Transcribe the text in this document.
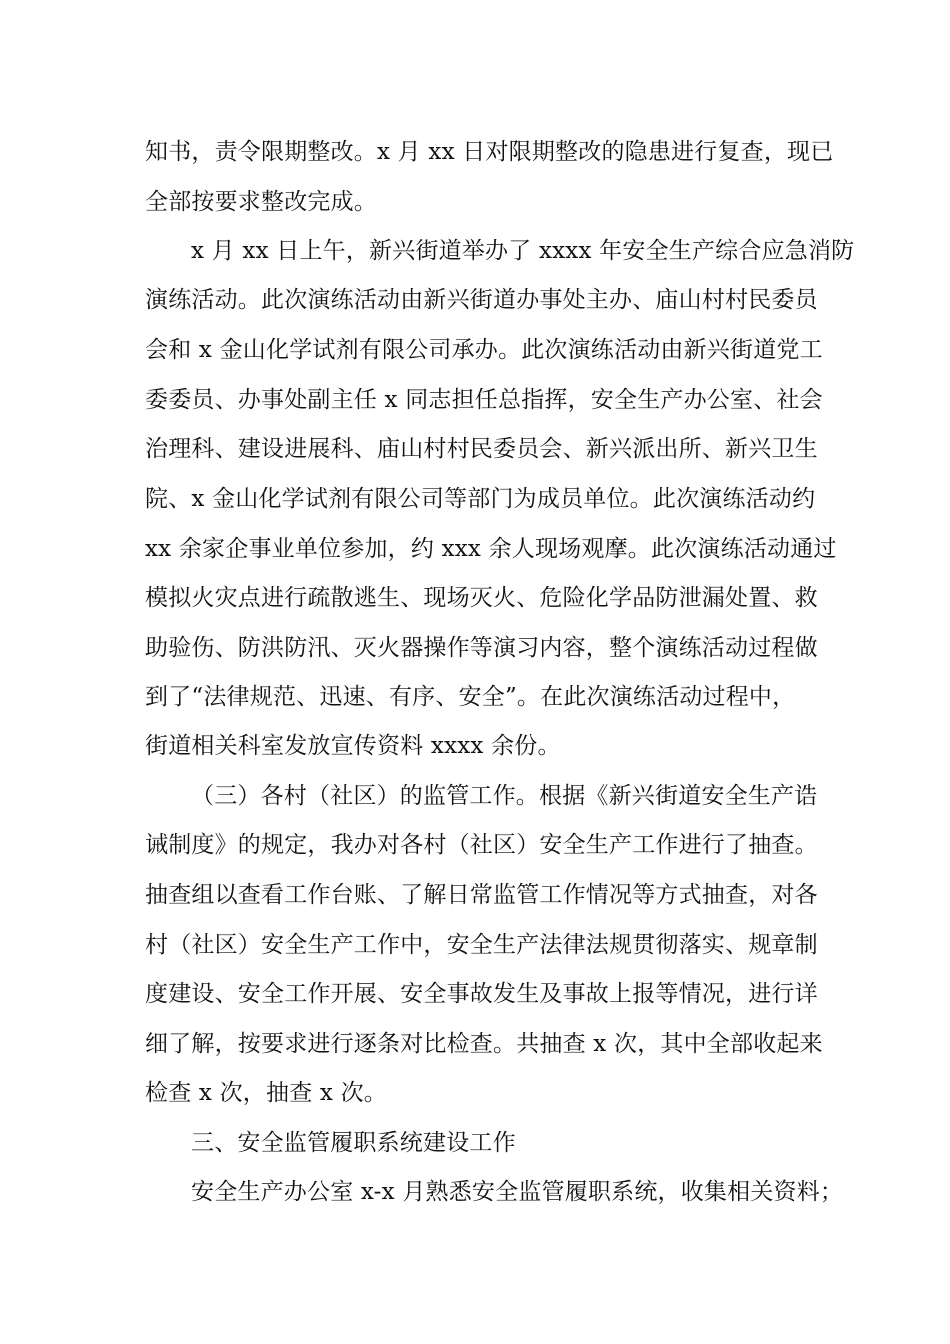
知书，责令限期整改。x 月 xx 日对限期整改的隐患进行复查，现已
全部按要求整改完成。
x 月 xx 日上午，新兴街道举办了 xxxx 年安全生产综合应急消防
演练活动。此次演练活动由新兴街道办事处主办、庙山村村民委员
会和 x 金山化学试剂有限公司承办。此次演练活动由新兴街道党工
委委员、办事处副主任 x 同志担任总指挥，安全生产办公室、社会
治理科、建设进展科、庙山村村民委员会、新兴派出所、新兴卫生
院、x 金山化学试剂有限公司等部门为成员单位。此次演练活动约
xx 余家企事业单位参加，约 xxx 余人现场观摩。此次演练活动通过
模拟火灾点进行疏散逃生、现场灭火、危险化学品防泄漏处置、救
助验伤、防洪防汛、灭火器操作等演习内容，整个演练活动过程做
到了“法律规范、迅速、有序、安全”。在此次演练活动过程中，
街道相关科室发放宣传资料 xxxx 余份。
（三）各村（社区）的监管工作。根据《新兴街道安全生产诰
诫制度》的规定，我办对各村（社区）安全生产工作进行了抽查。
抽查组以查看工作台账、了解日常监管工作情况等方式抽查，对各
村（社区）安全生产工作中，安全生产法律法规贯彻落实、规章制
度建设、安全工作开展、安全事故发生及事故上报等情况，进行详
细了解，按要求进行逐条对比检查。共抽查 x 次，其中全部收起来
检查 x 次，抽查 x 次。
三、安全监管履职系统建设工作
安全生产办公室 x-x 月熟悉安全监管履职系统，收集相关资料；
